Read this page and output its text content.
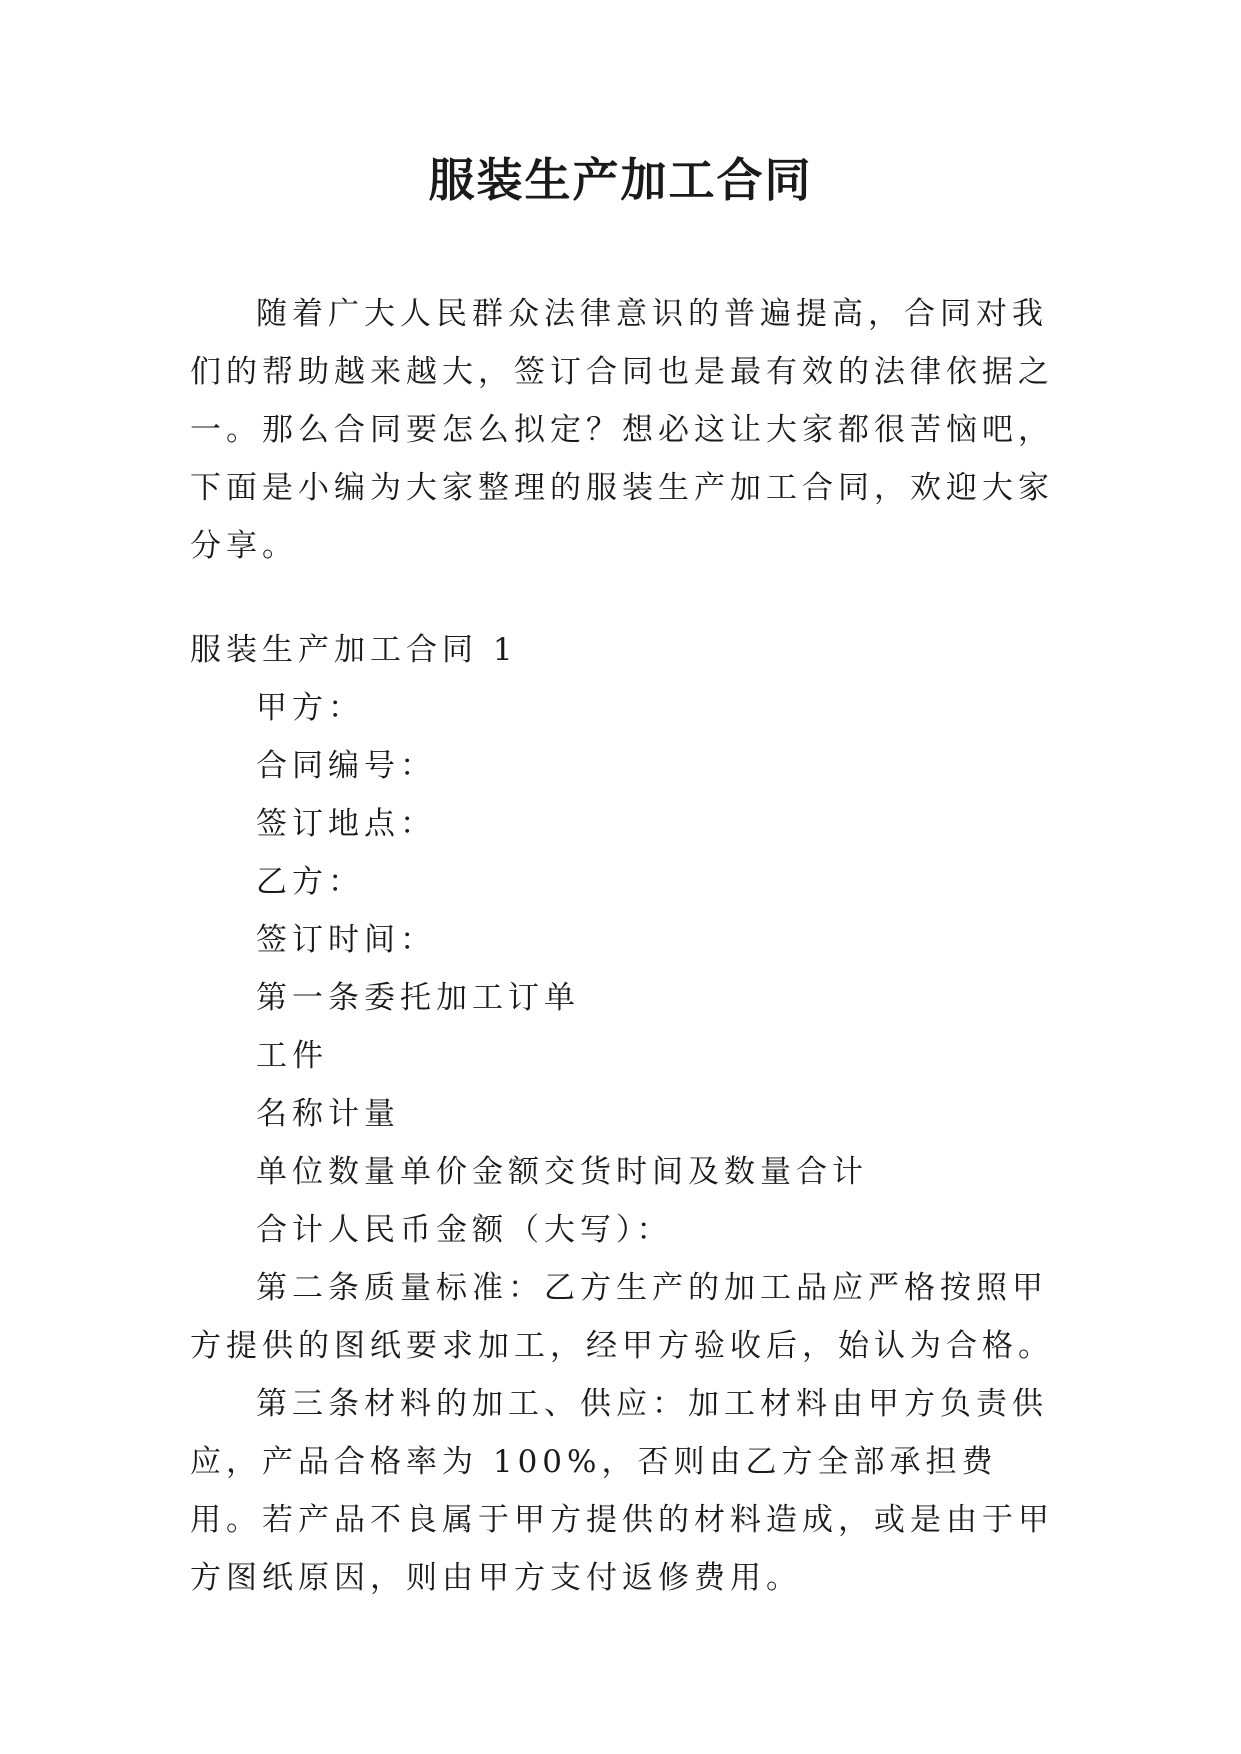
服装生产加工合同

随着广大人民群众法律意识的普遍提高，合同对我们的帮助越来越大，签订合同也是最有效的法律依据之一。那么合同要怎么拟定？想必这让大家都很苦恼吧，下面是小编为大家整理的服装生产加工合同，欢迎大家分享。

服装生产加工合同 1

甲方：

合同编号：

签订地点：

乙方：

签订时间：

第一条委托加工订单

工件

名称计量

单位数量单价金额交货时间及数量合计

合计人民币金额（大写）：

第二条质量标准：乙方生产的加工品应严格按照甲方提供的图纸要求加工，经甲方验收后，始认为合格。

第三条材料的加工、供应：加工材料由甲方负责供应，产品合格率为 100%，否则由乙方全部承担费用。若产品不良属于甲方提供的材料造成，或是由于甲方图纸原因，则由甲方支付返修费用。
